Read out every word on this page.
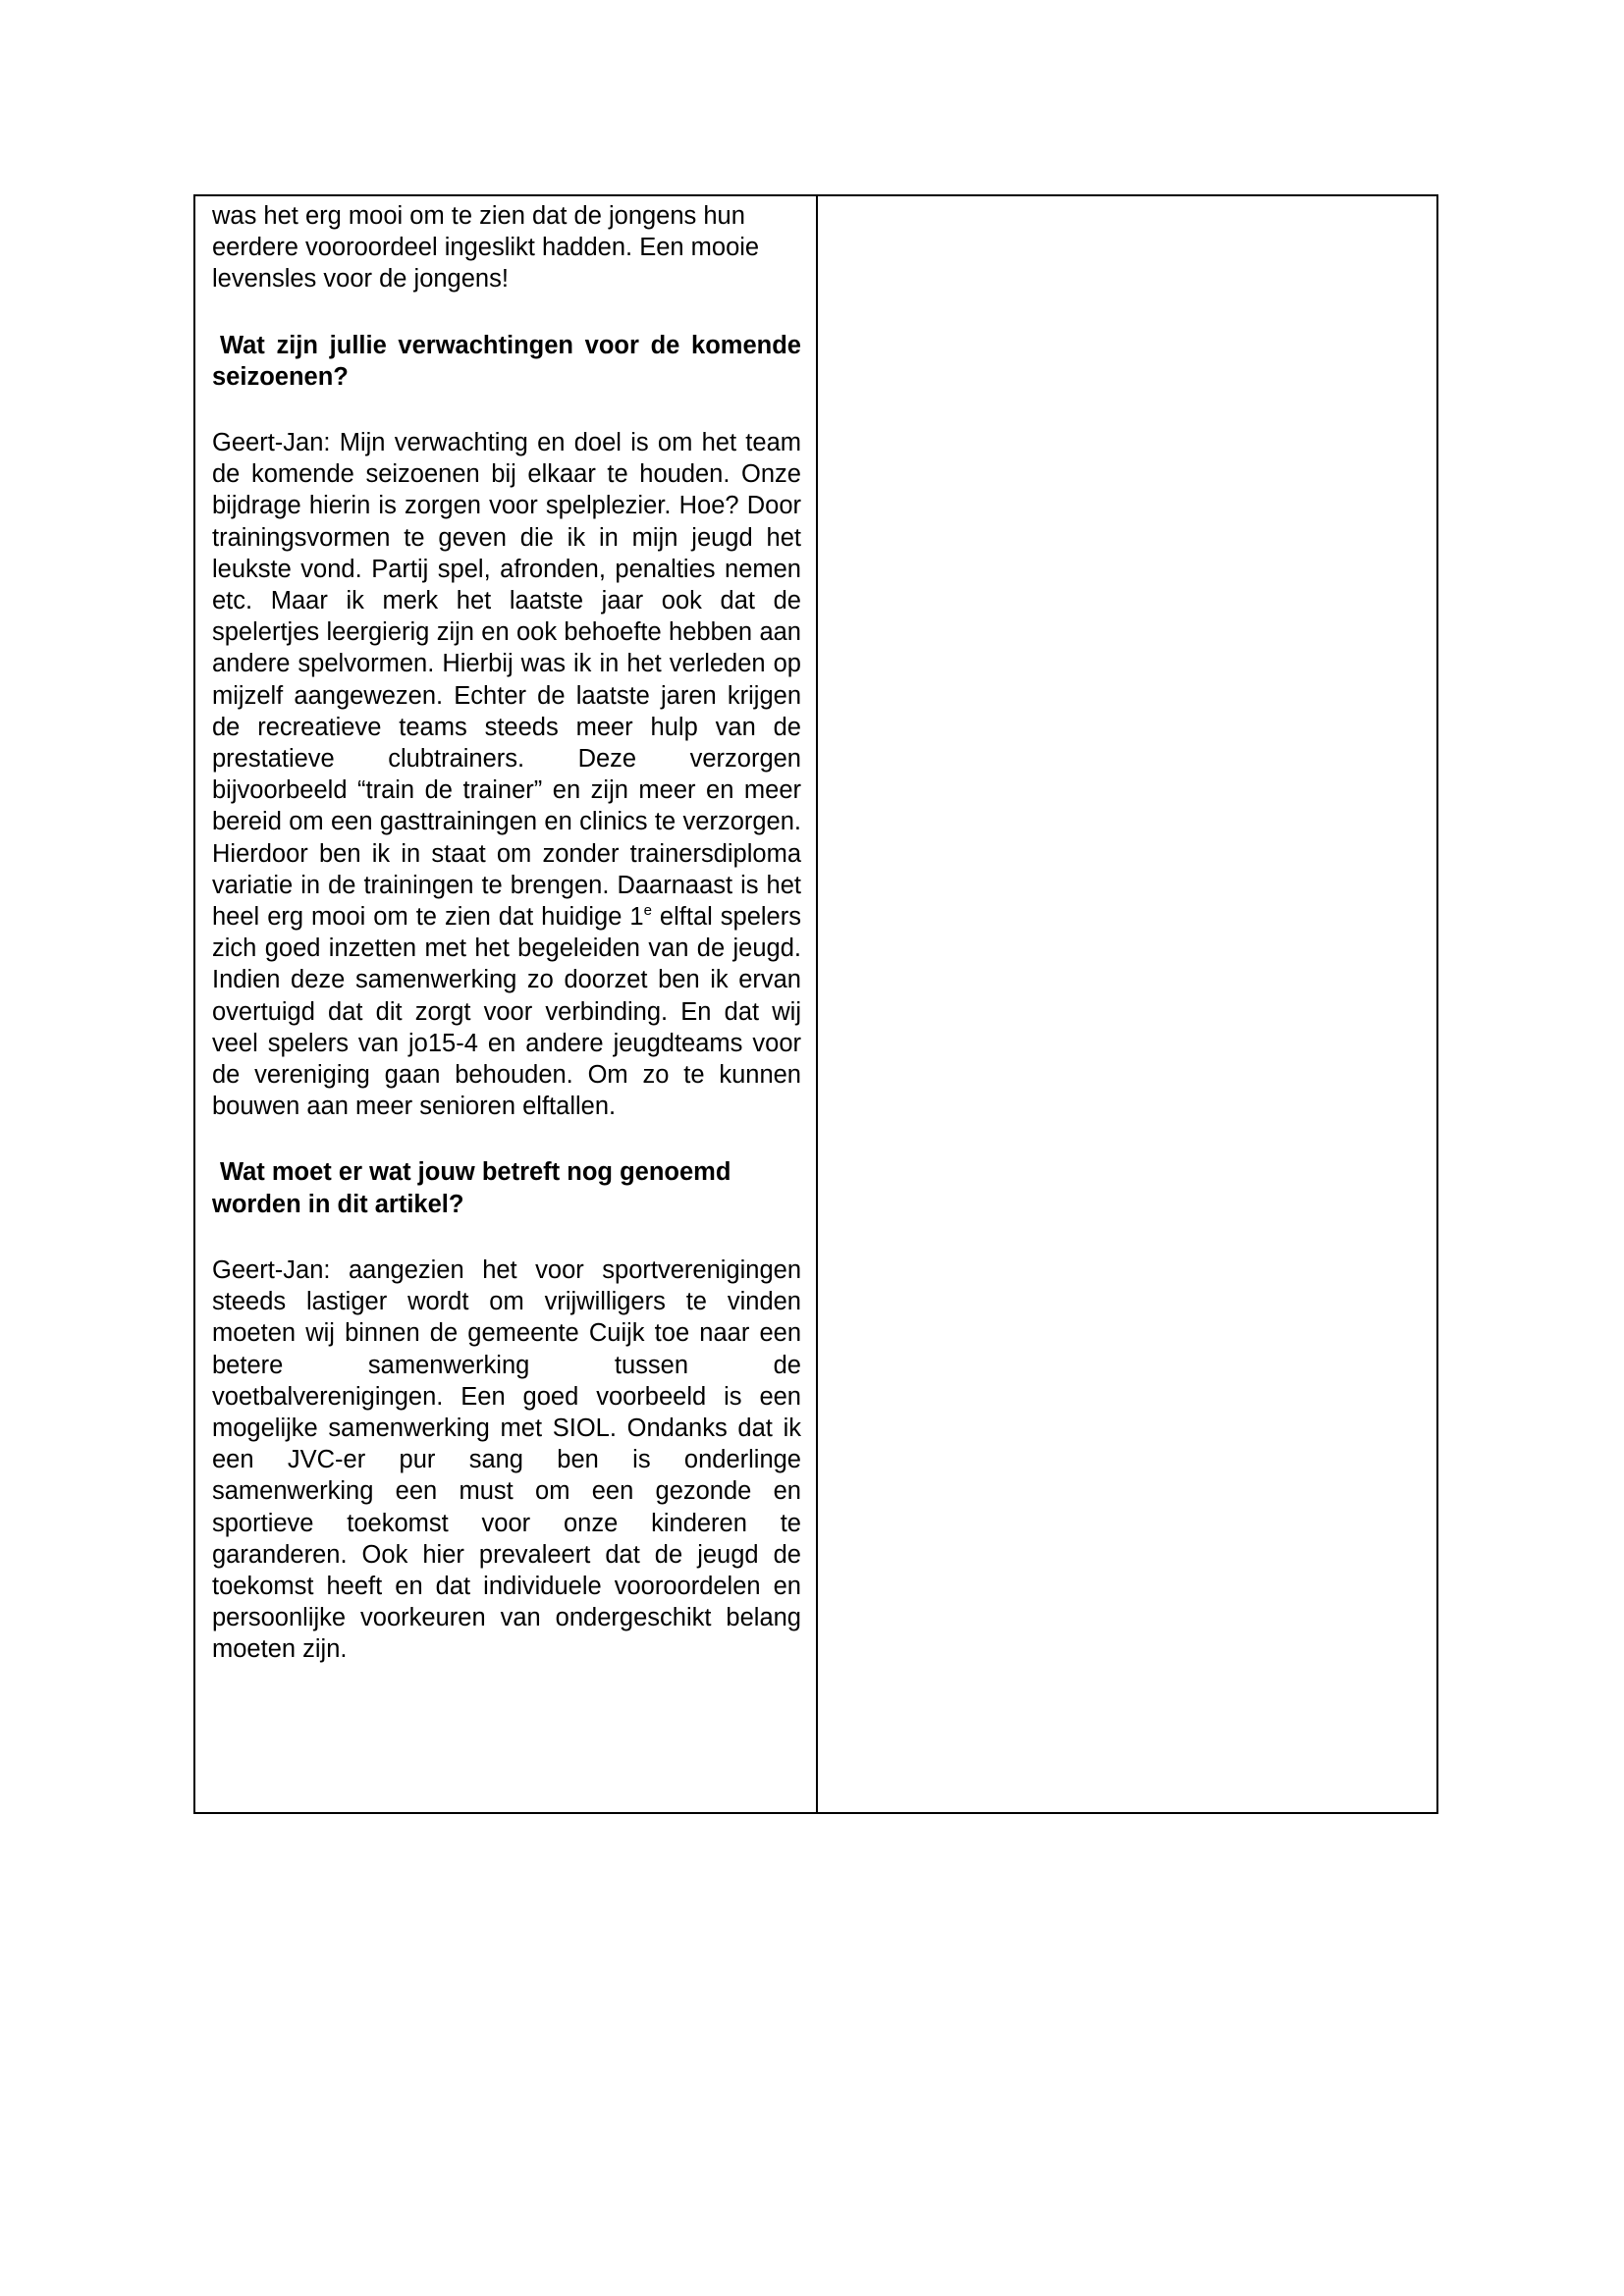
was het erg mooi om te zien dat de jongens hun eerdere vooroordeel ingeslikt hadden. Een mooie levensles voor de jongens!

Wat zijn jullie verwachtingen voor de komende seizoenen?

Geert-Jan: Mijn verwachting en doel is om het team de komende seizoenen bij elkaar te houden. Onze bijdrage hierin is zorgen voor spelplezier. Hoe? Door trainingsvormen te geven die ik in mijn jeugd het leukste vond. Partij spel, afronden, penalties nemen etc. Maar ik merk het laatste jaar ook dat de spelertjes leergierig zijn en ook behoefte hebben aan andere spelvormen. Hierbij was ik in het verleden op mijzelf aangewezen. Echter de laatste jaren krijgen de recreatieve teams steeds meer hulp van de prestatieve clubtrainers. Deze verzorgen bijvoorbeeld “train de trainer” en zijn meer en meer bereid om een gasttrainingen en clinics te verzorgen. Hierdoor ben ik in staat om zonder trainersdiploma variatie in de trainingen te brengen. Daarnaast is het heel erg mooi om te zien dat huidige 1e elftal spelers zich goed inzetten met het begeleiden van de jeugd. Indien deze samenwerking zo doorzet ben ik ervan overtuigd dat dit zorgt voor verbinding. En dat wij veel spelers van jo15-4 en andere jeugdteams voor de vereniging gaan behouden. Om zo te kunnen bouwen aan meer senioren elftallen.

Wat moet er wat jouw betreft nog genoemd worden in dit artikel?

Geert-Jan: aangezien het voor sportverenigingen steeds lastiger wordt om vrijwilligers te vinden moeten wij binnen de gemeente Cuijk toe naar een betere samenwerking tussen de voetbalverenigingen. Een goed voorbeeld is een mogelijke samenwerking met SIOL. Ondanks dat ik een JVC-er pur sang ben is onderlinge samenwerking een must om een gezonde en sportieve toekomst voor onze kinderen te garanderen. Ook hier prevaleert dat de jeugd de toekomst heeft en dat individuele vooroordelen en persoonlijke voorkeuren van ondergeschikt belang moeten zijn.
